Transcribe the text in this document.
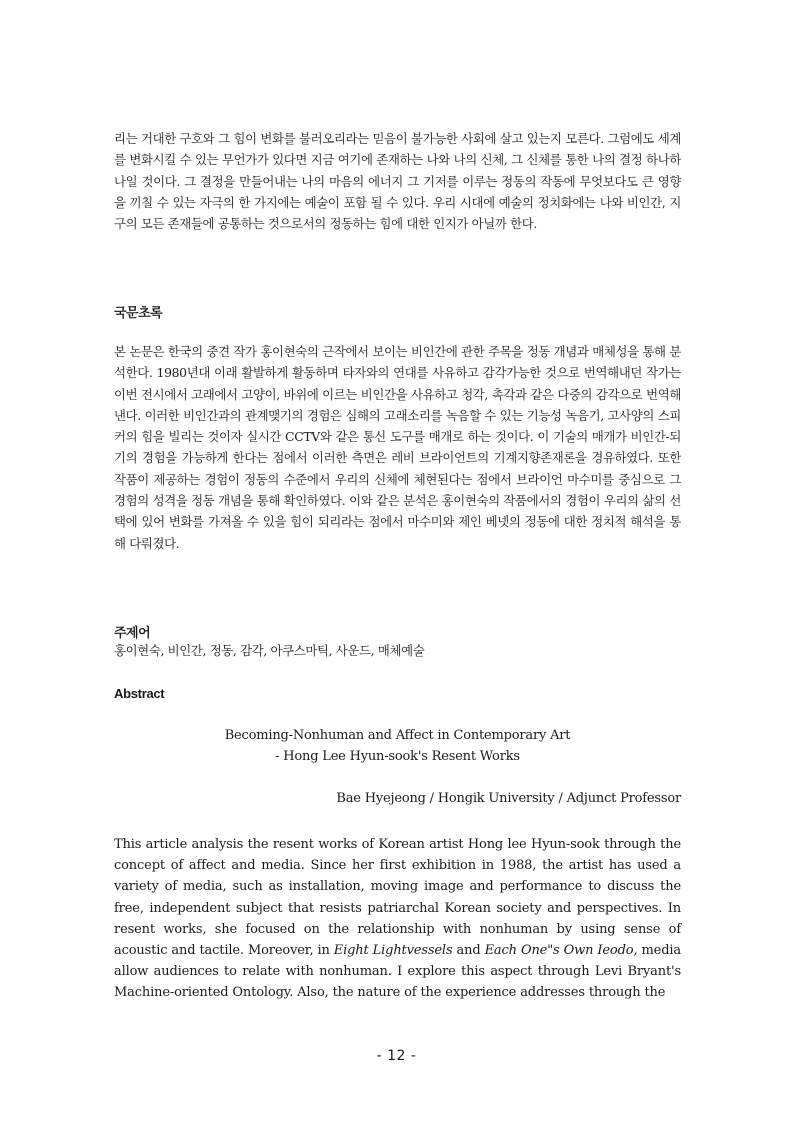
리는 거대한 구호와 그 힘이 변화를 불러오리라는 믿음이 불가능한 사회에 살고 있는지 모른다. 그럼에도 세계를 변화시킬 수 있는 무언가가 있다면 지금 여기에 존재하는 나와 나의 신체, 그 신체를 통한 나의 결정 하나하나일 것이다. 그 결정을 만들어내는 나의 마음의 에너지 그 기저를 이루는 정동의 작동에 무엇보다도 큰 영향을 끼칠 수 있는 자극의 한 가지에는 예술이 포함 될 수 있다. 우리 시대에 예술의 정치화에는 나와 비인간, 지구의 모든 존재들에 공통하는 것으로서의 정동하는 힘에 대한 인지가 아닐까 한다.
국문초록
본 논문은 한국의 중견 작가 홍이현숙의 근작에서 보이는 비인간에 관한 주목을 정동 개념과 매체성을 통해 분석한다. 1980년대 이래 활발하게 활동하며 타자와의 연대를 사유하고 감각가능한 것으로 번역해내던 작가는 이번 전시에서 고래에서 고양이, 바위에 이르는 비인간을 사유하고 청각, 촉각과 같은 다중의 감각으로 번역해낸다. 이러한 비인간과의 관계맺기의 경험은 심해의 고래소리를 녹음할 수 있는 기능성 녹음기, 고사양의 스피커의 힘을 빌리는 것이자 실시간 CCTV와 같은 통신 도구를 매개로 하는 것이다. 이 기술의 매개가 비인간-되기의 경험을 가능하게 한다는 점에서 이러한 측면은 레비 브라이언트의 기계지향존재론을 경유하였다. 또한 작품이 제공하는 경험이 정동의 수준에서 우리의 신체에 체현된다는 점에서 브라이언 마수미를 중심으로 그 경험의 성격을 정동 개념을 통해 확인하였다. 이와 같은 분석은 홍이현숙의 작품에서의 경험이 우리의 삶의 선택에 있어 변화를 가져올 수 있을 힘이 되리라는 점에서 마수미와 제인 베넷의 정동에 대한 정치적 해석을 통해 다뤄졌다.
주제어
홍이현숙, 비인간, 정동, 감각, 아쿠스마틱, 사운드, 매체예술
Abstract
Becoming-Nonhuman and Affect in Contemporary Art
- Hong Lee Hyun-sook's Resent Works
Bae Hyejeong / Hongik University / Adjunct Professor
This article analysis the resent works of Korean artist Hong lee Hyun-sook through the concept of affect and media. Since her first exhibition in 1988, the artist has used a variety of media, such as installation, moving image and performance to discuss the free, independent subject that resists patriarchal Korean society and perspectives. In resent works, she focused on the relationship with nonhuman by using sense of acoustic and tactile. Moreover, in Eight Lightvessels and Each One"s Own Ieodo, media allow audiences to relate with nonhuman. I explore this aspect through Levi Bryant's Machine-oriented Ontology. Also, the nature of the experience addresses through the
- 12 -
